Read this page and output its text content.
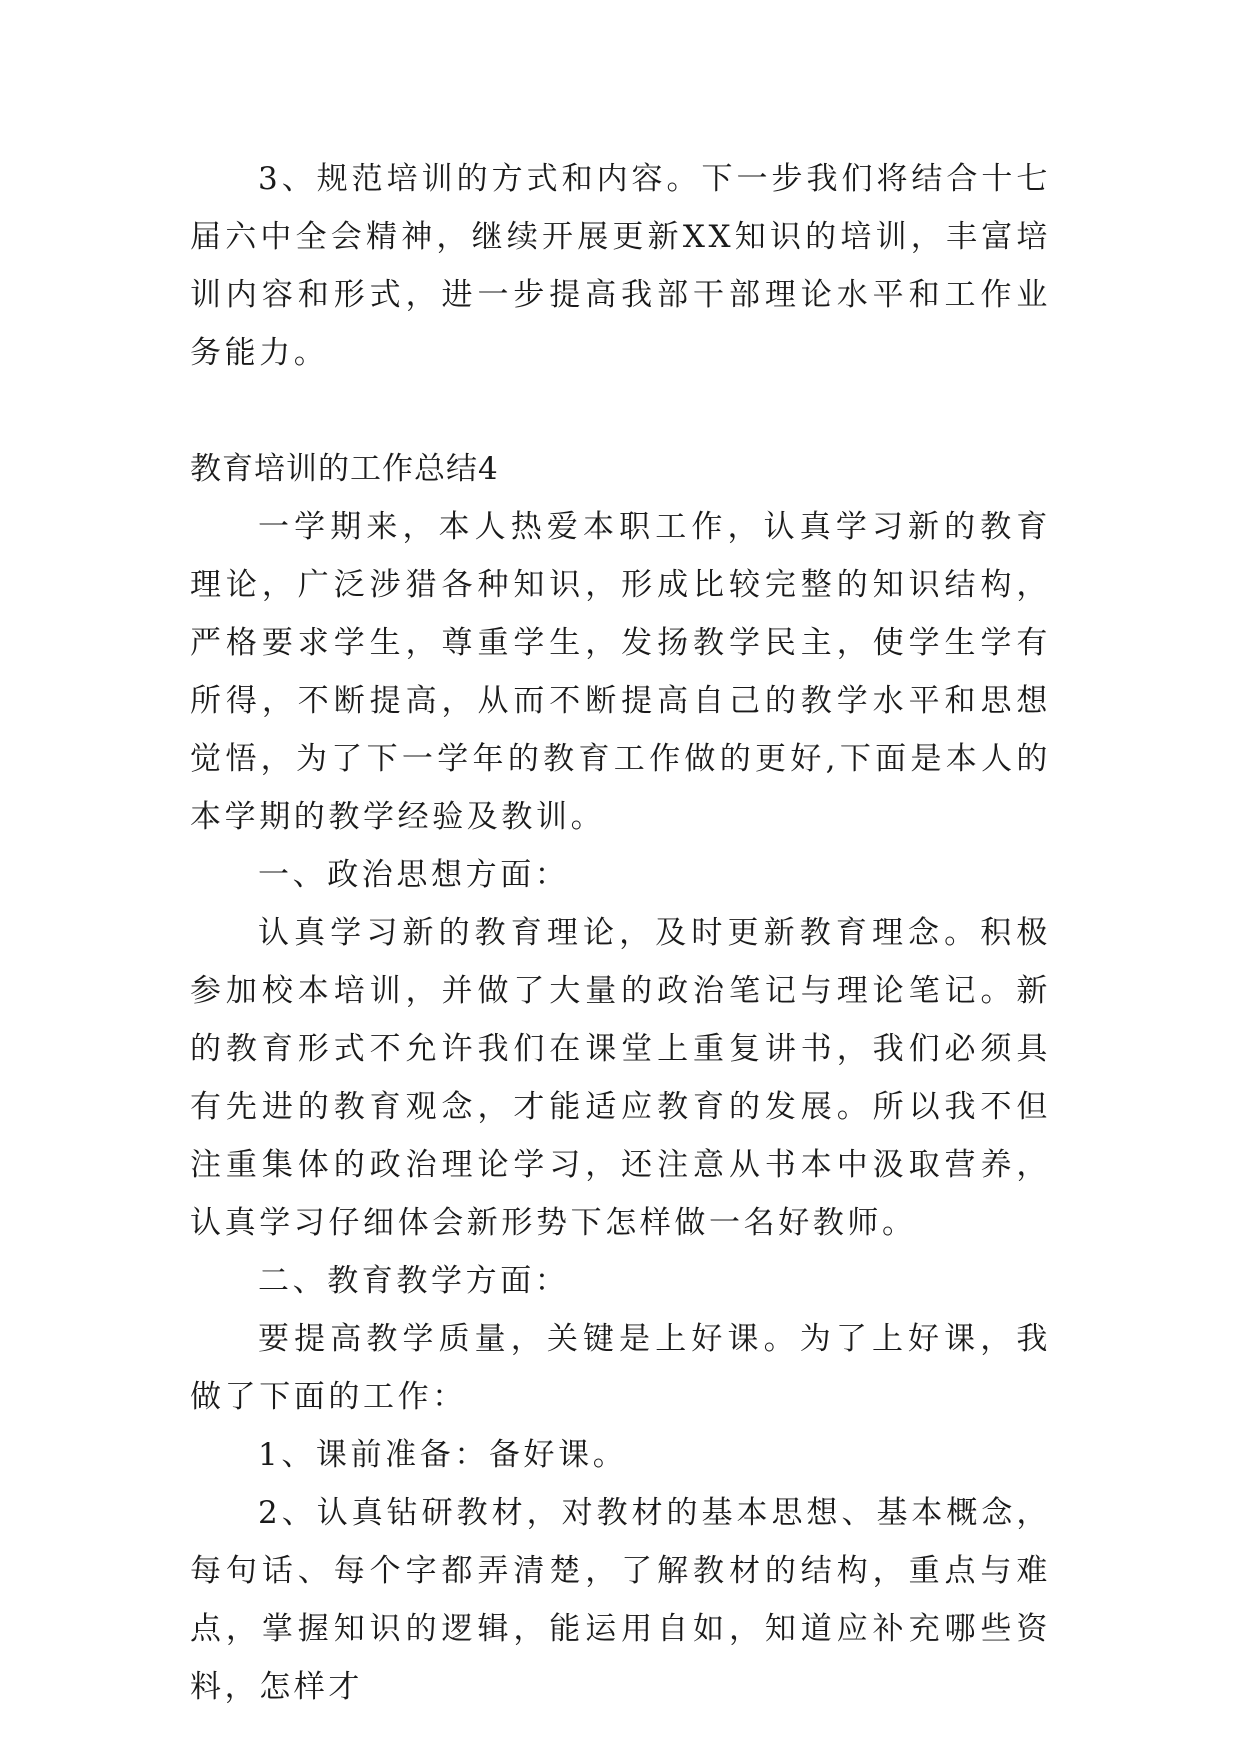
3、规范培训的方式和内容。下一步我们将结合十七届六中全会精神，继续开展更新XX知识的培训，丰富培训内容和形式，进一步提高我部干部理论水平和工作业务能力。

教育培训的工作总结4

一学期来，本人热爱本职工作，认真学习新的教育理论，广泛涉猎各种知识，形成比较完整的知识结构，严格要求学生，尊重学生，发扬教学民主，使学生学有所得，不断提高，从而不断提高自己的教学水平和思想觉悟，为了下一学年的教育工作做的更好,下面是本人的本学期的教学经验及教训。

一、政治思想方面：

认真学习新的教育理论，及时更新教育理念。积极参加校本培训，并做了大量的政治笔记与理论笔记。新的教育形式不允许我们在课堂上重复讲书，我们必须具有先进的教育观念，才能适应教育的发展。所以我不但注重集体的政治理论学习，还注意从书本中汲取营养，认真学习仔细体会新形势下怎样做一名好教师。

二、教育教学方面：

要提高教学质量，关键是上好课。为了上好课，我做了下面的工作：

1、课前准备：备好课。

2、认真钻研教材，对教材的基本思想、基本概念，每句话、每个字都弄清楚，了解教材的结构，重点与难点，掌握知识的逻辑，能运用自如，知道应补充哪些资料，怎样才
